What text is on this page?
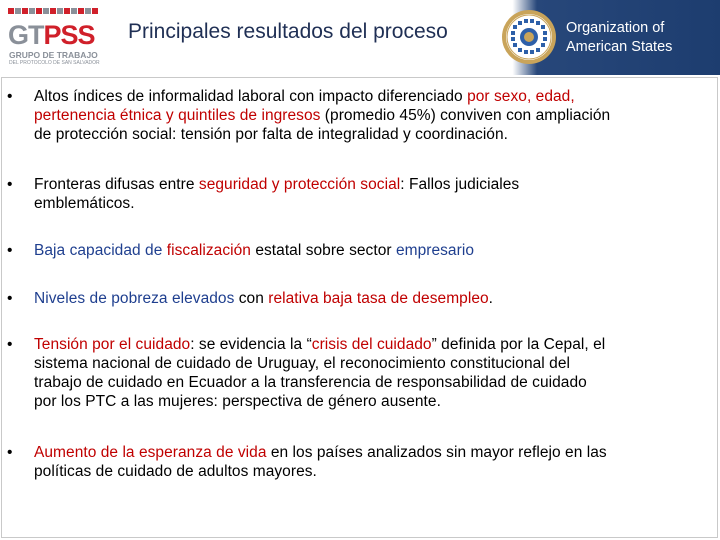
GTPSS
GRUPO DE TRABAJO
DEL PROTOCOLO DE SAN SALVADOR
Principales resultados del proceso	Organization of
American States
• Altos índices de informalidad laboral con impacto diferenciado por sexo, edad,
pertenencia étnica y quintiles de ingresos (promedio 45%) conviven con ampliación
de protección social: tensión por falta de integralidad y coordinación.
• Fronteras difusas entre seguridad y protección social: Fallos judiciales
emblemáticos.
• Baja capacidad de fiscalización estatal sobre sector empresario
• Niveles de pobreza elevados con relativa baja tasa de desempleo.
• Tensión por el cuidado: se evidencia la “crisis del cuidado” definida por la Cepal, el
sistema nacional de cuidado de Uruguay, el reconocimiento constitucional del
trabajo de cuidado en Ecuador a la transferencia de responsabilidad de cuidado
por los PTC a las mujeres: perspectiva de género ausente.
• Aumento de la esperanza de vida en los países analizados sin mayor reflejo en las
políticas de cuidado de adultos mayores.
